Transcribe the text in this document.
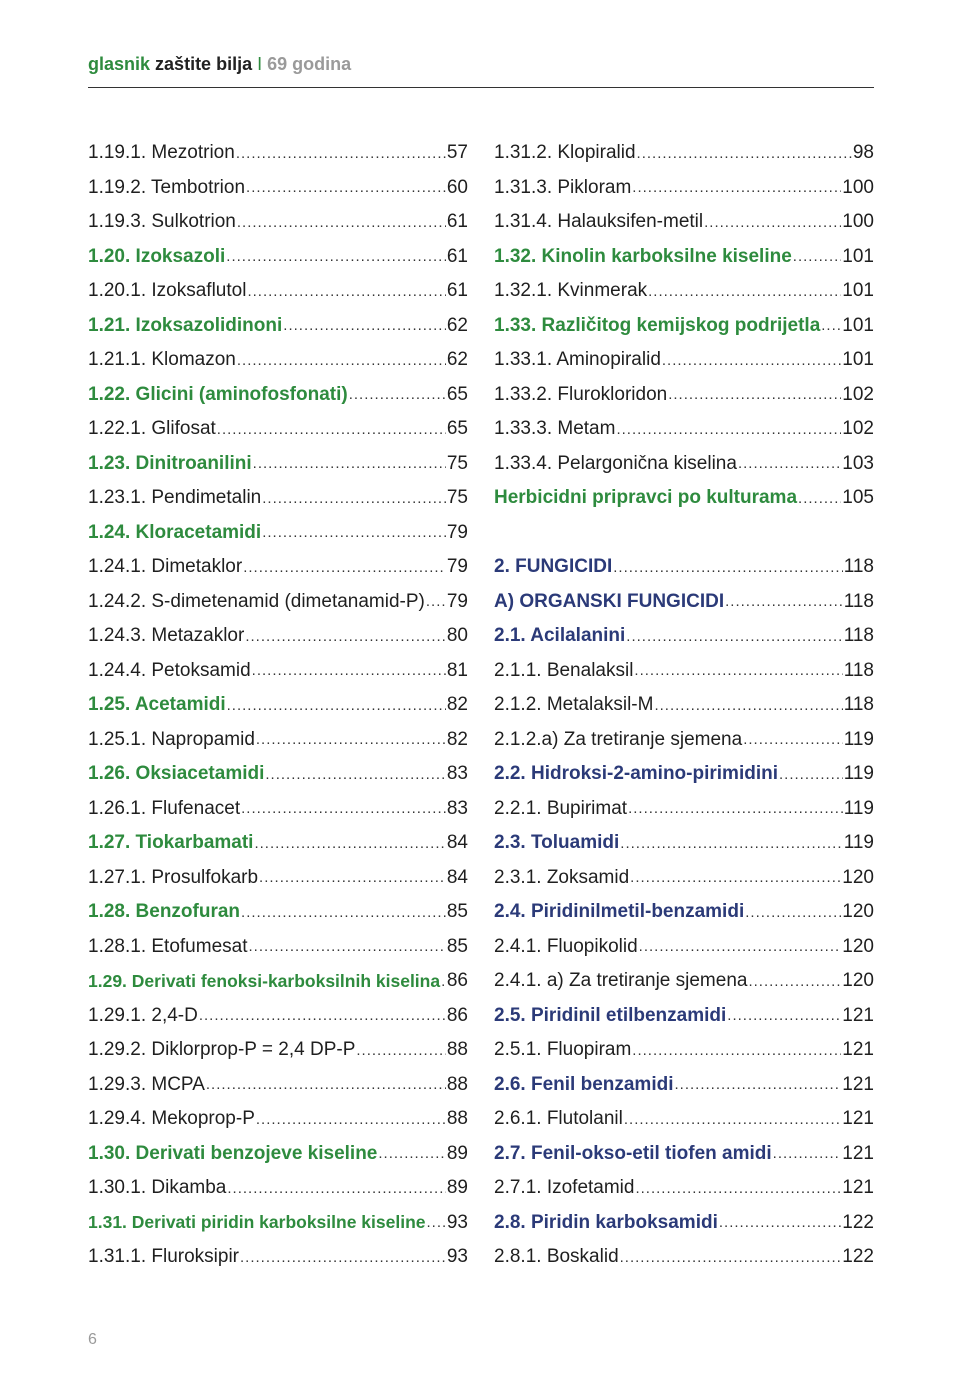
glasnik zaštite bilja I 69 godina
1.19.1. Mezotrion .....	57
1.19.2. Tembotrion .....	60
1.19.3. Sulkotrion .....	61
1.20. Izoksazoli .....	61
1.20.1. Izoksaflutol .....	61
1.21. Izoksazolidinoni .....	62
1.21.1. Klomazon .....	62
1.22. Glicini (aminofosfonati) .....	65
1.22.1. Glifosat .....	65
1.23. Dinitroanilini .....	75
1.23.1. Pendimetalin .....	75
1.24. Kloracetamidi .....	79
1.24.1. Dimetaklor .....	79
1.24.2. S-dimetenamid (dimetanamid-P) ..... 79
1.24.3. Metazaklor .....	80
1.24.4. Petoksamid .....	81
1.25. Acetamidi .....	82
1.25.1. Napropamid .....	82
1.26. Oksiacetamidi .....	83
1.26.1. Flufenacet .....	83
1.27. Tiokarbamati .....	84
1.27.1. Prosulfokarb .....	84
1.28. Benzofuran .....	85
1.28.1. Etofumesat .....	85
1.29. Derivati fenoksi-karboksilnih kiselina ..... 86
1.29.1. 2,4-D .....	86
1.29.2. Diklorprop-P = 2,4 DP-P .....	88
1.29.3. MCPA .....	88
1.29.4. Mekoprop-P .....	88
1.30. Derivati benzojeve kiseline .....	89
1.30.1. Dikamba .....	89
1.31. Derivati piridin karboksilne kiseline ..... 93
1.31.1. Fluroksipir .....	93
1.31.2. Klopiralid .....	98
1.31.3. Pikloram .....	100
1.31.4. Halauksifen-metil .....	100
1.32. Kinolin karboksilne kiseline .....	101
1.32.1. Kvinmerak .....	101
1.33. Različitog kemijskog podrijetla ..... 101
1.33.1. Aminopiralid .....	101
1.33.2. Flurokloridon .....	102
1.33.3. Metam .....	102
1.33.4. Pelargonična kiselina .....	103
Herbicidni pripravci po kulturama ..... 105
2. FUNGICIDI .....	118
A) ORGANSKI FUNGICIDI .....	118
2.1. Acilalanini .....	118
2.1.1. Benalaksil .....	118
2.1.2. Metalaksil-M .....	118
2.1.2.a) Za tretiranje sjemena .....	119
2.2. Hidroksi-2-amino-pirimidini .....	119
2.2.1. Bupirimat .....	119
2.3. Toluamidi .....	119
2.3.1. Zoksamid .....	120
2.4. Piridinilmetil-benzamidi .....	120
2.4.1. Fluopikolid .....	120
2.4.1. a) Za tretiranje sjemena .....	120
2.5. Piridinil etilbenzamidi .....	121
2.5.1. Fluopiram .....	121
2.6. Fenil benzamidi .....	121
2.6.1. Flutolanil .....	121
2.7. Fenil-okso-etil tiofen amidi .....	121
2.7.1. Izofetamid .....	121
2.8. Piridin karboksamidi .....	122
2.8.1. Boskalid .....	122
6
